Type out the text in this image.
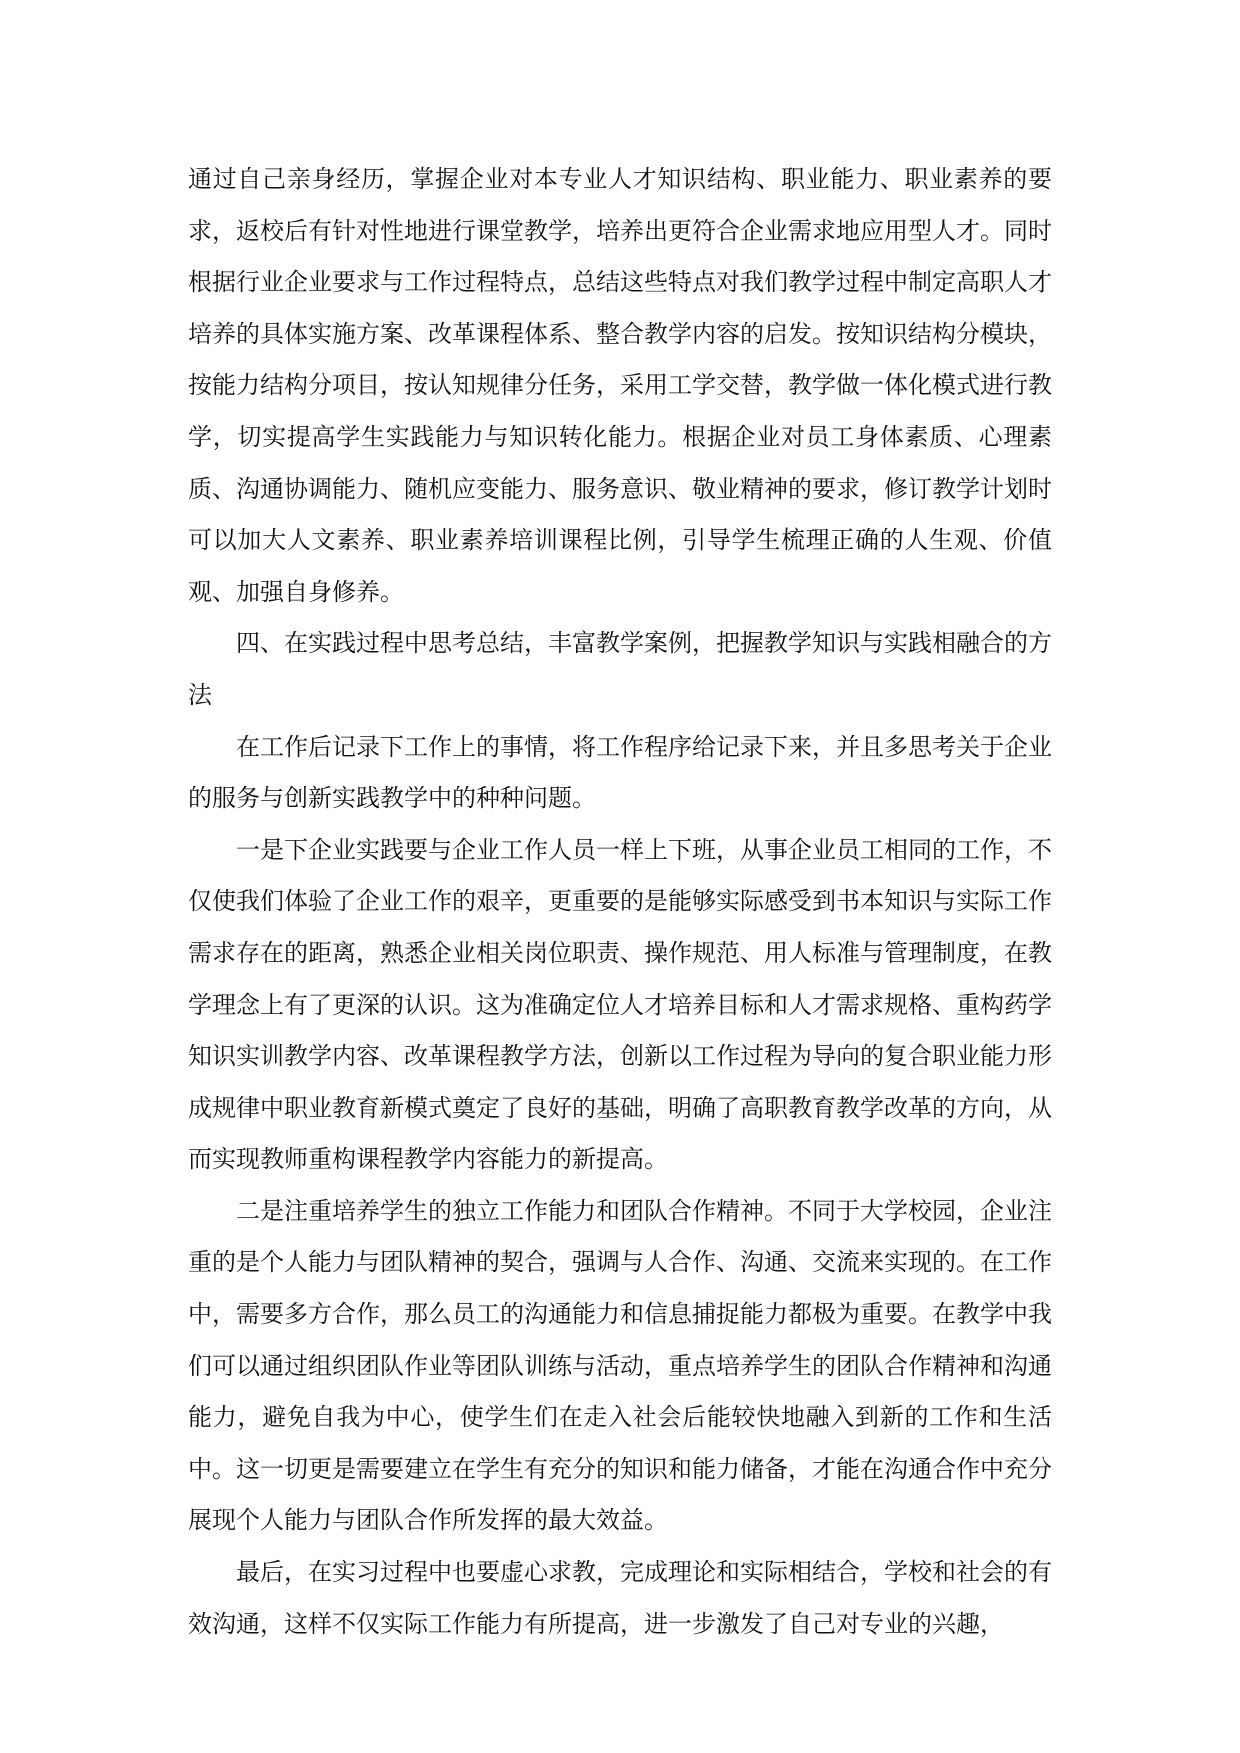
通过自己亲身经历，掌握企业对本专业人才知识结构、职业能力、职业素养的要求，返校后有针对性地进行课堂教学，培养出更符合企业需求地应用型人才。同时根据行业企业要求与工作过程特点，总结这些特点对我们教学过程中制定高职人才培养的具体实施方案、改革课程体系、整合教学内容的启发。按知识结构分模块，按能力结构分项目，按认知规律分任务，采用工学交替，教学做一体化模式进行教学，切实提高学生实践能力与知识转化能力。根据企业对员工身体素质、心理素质、沟通协调能力、随机应变能力、服务意识、敬业精神的要求，修订教学计划时可以加大人文素养、职业素养培训课程比例，引导学生梳理正确的人生观、价值观、加强自身修养。

四、在实践过程中思考总结，丰富教学案例，把握教学知识与实践相融合的方法

在工作后记录下工作上的事情，将工作程序给记录下来，并且多思考关于企业的服务与创新实践教学中的种种问题。

一是下企业实践要与企业工作人员一样上下班，从事企业员工相同的工作，不仅使我们体验了企业工作的艰辛，更重要的是能够实际感受到书本知识与实际工作需求存在的距离，熟悉企业相关岗位职责、操作规范、用人标准与管理制度，在教学理念上有了更深的认识。这为准确定位人才培养目标和人才需求规格、重构药学知识实训教学内容、改革课程教学方法，创新以工作过程为导向的复合职业能力形成规律中职业教育新模式奠定了良好的基础，明确了高职教育教学改革的方向，从而实现教师重构课程教学内容能力的新提高。

二是注重培养学生的独立工作能力和团队合作精神。不同于大学校园，企业注重的是个人能力与团队精神的契合，强调与人合作、沟通、交流来实现的。在工作中，需要多方合作，那么员工的沟通能力和信息捕捉能力都极为重要。在教学中我们可以通过组织团队作业等团队训练与活动，重点培养学生的团队合作精神和沟通能力，避免自我为中心，使学生们在走入社会后能较快地融入到新的工作和生活中。这一切更是需要建立在学生有充分的知识和能力储备，才能在沟通合作中充分展现个人能力与团队合作所发挥的最大效益。

最后，在实习过程中也要虚心求教，完成理论和实际相结合，学校和社会的有效沟通，这样不仅实际工作能力有所提高，进一步激发了自己对专业的兴趣，
